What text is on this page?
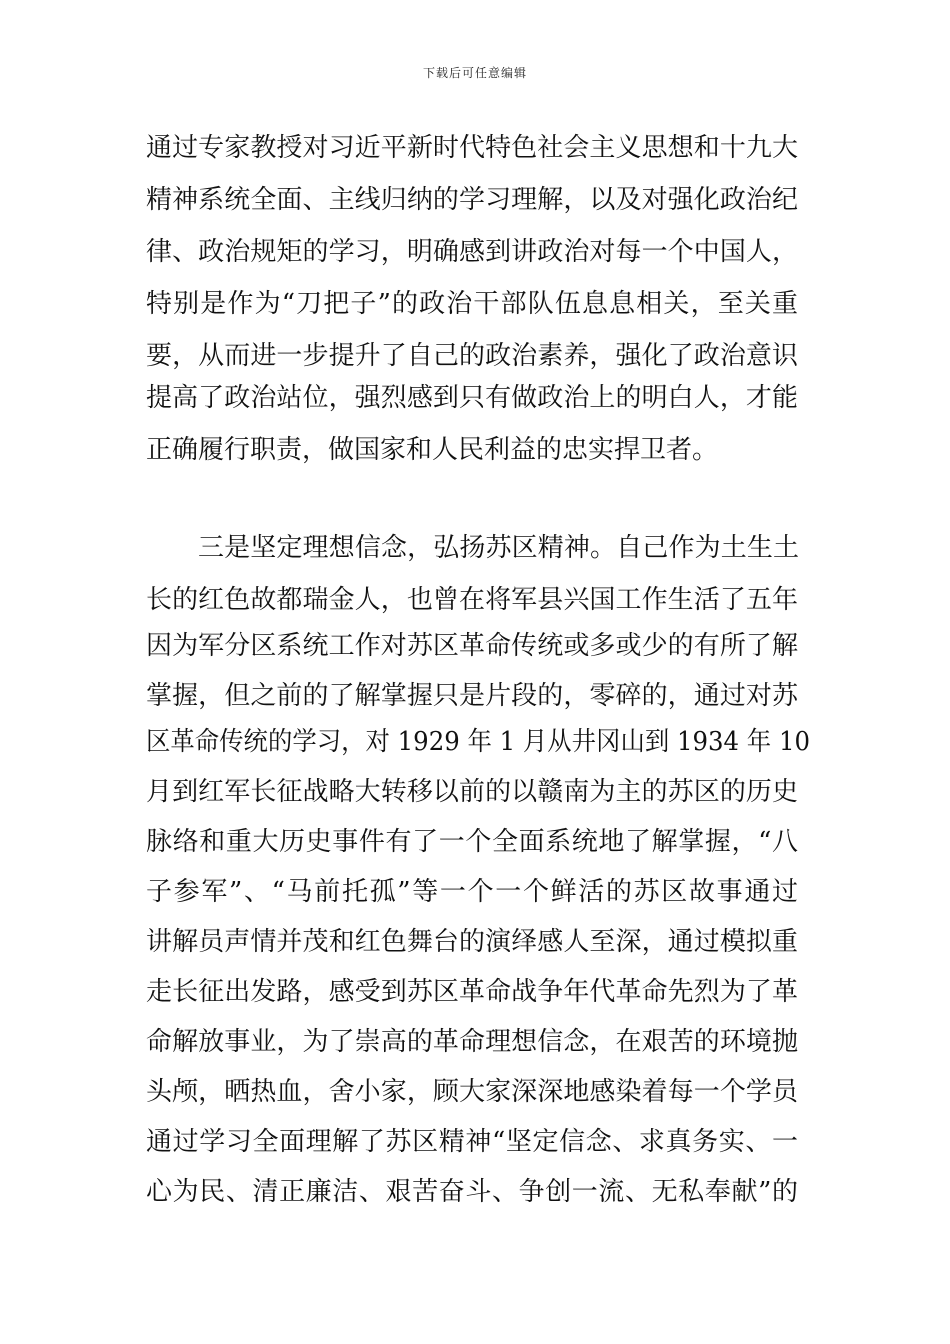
下载后可任意编辑
通过专家教授对习近平新时代特色社会主义思想和十九大
精神系统全面、主线归纳的学习理解，以及对强化政治纪
律、政治规矩的学习，明确感到讲政治对每一个中国人，
特别是作为“刀把子”的政治干部队伍息息相关，至关重
要，从而进一步提升了自己的政治素养，强化了政治意识
提高了政治站位，强烈感到只有做政治上的明白人，才能
正确履行职责，做国家和人民利益的忠实捍卫者。
三是坚定理想信念，弘扬苏区精神。自己作为土生土
长的红色故都瑞金人，也曾在将军县兴国工作生活了五年
因为军分区系统工作对苏区革命传统或多或少的有所了解
掌握，但之前的了解掌握只是片段的，零碎的，通过对苏
区革命传统的学习，对 1929 年 1 月从井冈山到 1934 年 10
月到红军长征战略大转移以前的以赣南为主的苏区的历史
脉络和重大历史事件有了一个全面系统地了解掌握，“八
子参军”、“马前托孤”等一个一个鲜活的苏区故事通过
讲解员声情并茂和红色舞台的演绎感人至深，通过模拟重
走长征出发路，感受到苏区革命战争年代革命先烈为了革
命解放事业，为了崇高的革命理想信念，在艰苦的环境抛
头颅，晒热血，舍小家，顾大家深深地感染着每一个学员
通过学习全面理解了苏区精神“坚定信念、求真务实、一
心为民、清正廉洁、艰苦奋斗、争创一流、无私奉献”的
